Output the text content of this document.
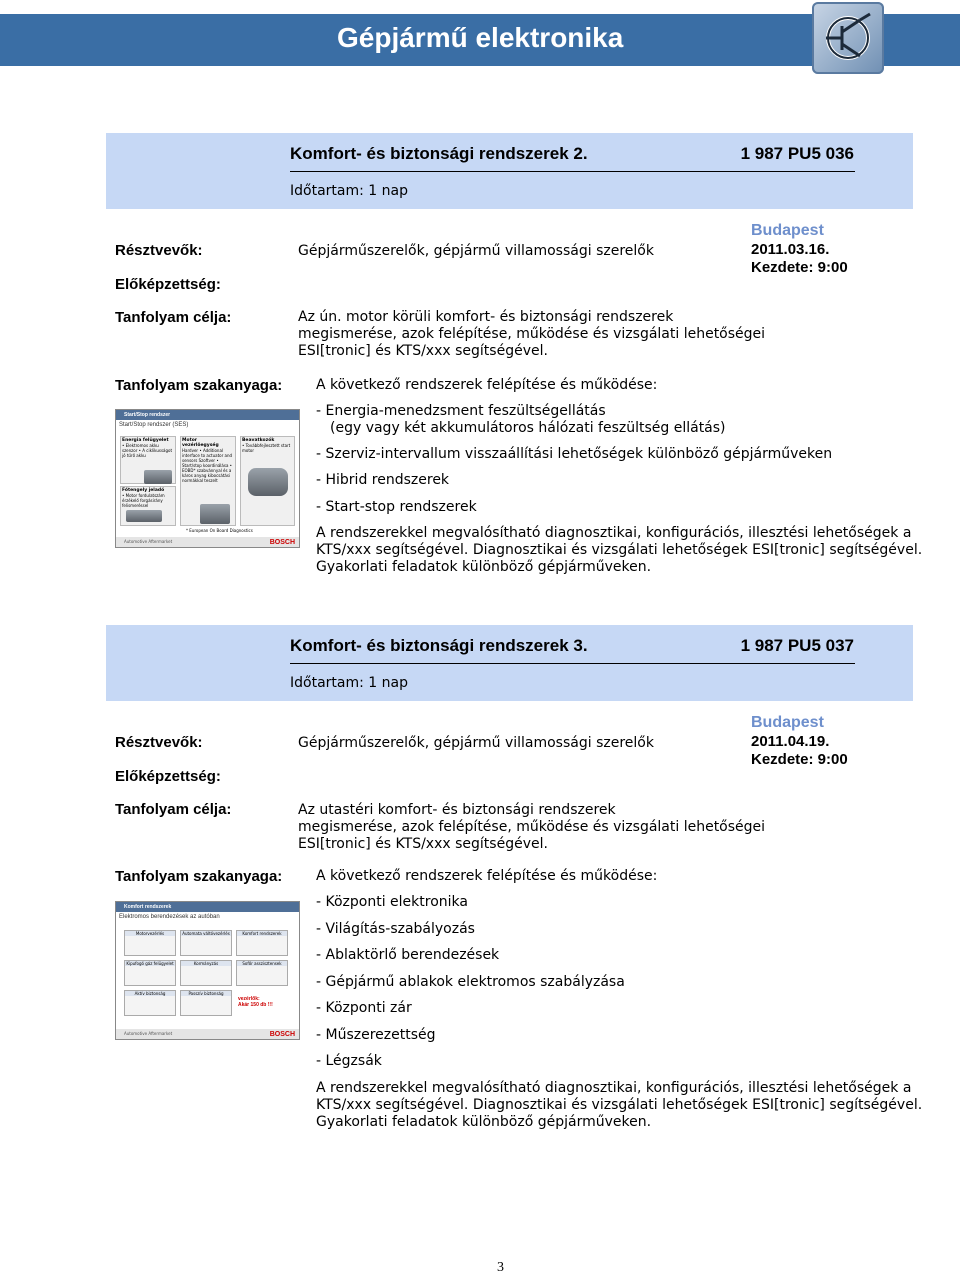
Gépjármű elektronika
Komfort- és biztonsági rendszerek 2.	1 987 PU5 036
Időtartam: 1 nap
Budapest
2011.03.16.
Kezdete: 9:00
Résztvevők:	Gépjárműszerelők, gépjármű villamossági szerelők
Előképzettség:
Tanfolyam célja:	Az ún. motor körüli komfort- és biztonsági rendszerek
megismerése, azok felépítése, működése és vizsgálati lehetőségei
ESI[tronic] és KTS/xxx segítségével.
Tanfolyam szakanyaga: A következő rendszerek felépítése és működése:
- Energia-menedzsment feszültségellátás
(egy vagy két akkumulátoros hálózati feszültség ellátás)
- Szerviz-intervallum visszaállítási lehetőségek különböző gépjárműveken
- Hibrid rendszerek
- Start-stop rendszerek
A rendszerekkel megvalósítható diagnosztikai, konfigurációs, illesztési lehetőségek a
KTS/xxx segítségével. Diagnosztikai és vizsgálati lehetőségek ESI[tronic] segítségével.
Gyakorlati feladatok különböző gépjárműveken.
Start/Stop rendszer
Start/Stop rendszer (SES)
Energia felügyelet
• Elektromos akku szenzor • A ciklikusságot jó tűrő akku
Főtengely jeladó
• Motor fordulatszám érzékelő forgásirány felismeréssel
Motor vezérlőegység
Hardver • Additional interface to actuator and sensors Szoftver • Start/stop koordinálása • EOBD* szabvánnyal és a káros anyag kibocsátási normákkal teszelt
Beavatkozók
• Továbbfejlesztett start motor
* European On Board Diagnostics
Automotive Aftermarket	BOSCH
Komfort- és biztonsági rendszerek 3.	1 987 PU5 037
Időtartam: 1 nap
Budapest
2011.04.19.
Kezdete: 9:00
Résztvevők:	Gépjárműszerelők, gépjármű villamossági szerelők
Előképzettség:
Tanfolyam célja:	Az utastéri komfort- és biztonsági rendszerek
megismerése, azok felépítése, működése és vizsgálati lehetőségei
ESI[tronic] és KTS/xxx segítségével.
Tanfolyam szakanyaga: A következő rendszerek felépítése és működése:
- Központi elektronika
- Világítás-szabályozás
- Ablaktörlő berendezések
- Gépjármű ablakok elektromos szabályzása
- Központi zár
- Műszerezettség
- Légzsák
A rendszerekkel megvalósítható diagnosztikai, konfigurációs, illesztési lehetőségek a
KTS/xxx segítségével. Diagnosztikai és vizsgálati lehetőségek ESI[tronic] segítségével.
Gyakorlati feladatok különböző gépjárműveken.
Komfort rendszerek
Elektromos berendezések az autóban
Motorvezérlés	Automata váltóvezérlés	Komfort rendszerek
Kipufogó gáz felügyelet	Kormányzás	Sofőr asszisztensek
Aktív biztonság	Passzív biztonság
vezérlők:
Akár 150 db !!!
Automotive Aftermarket	BOSCH
3
